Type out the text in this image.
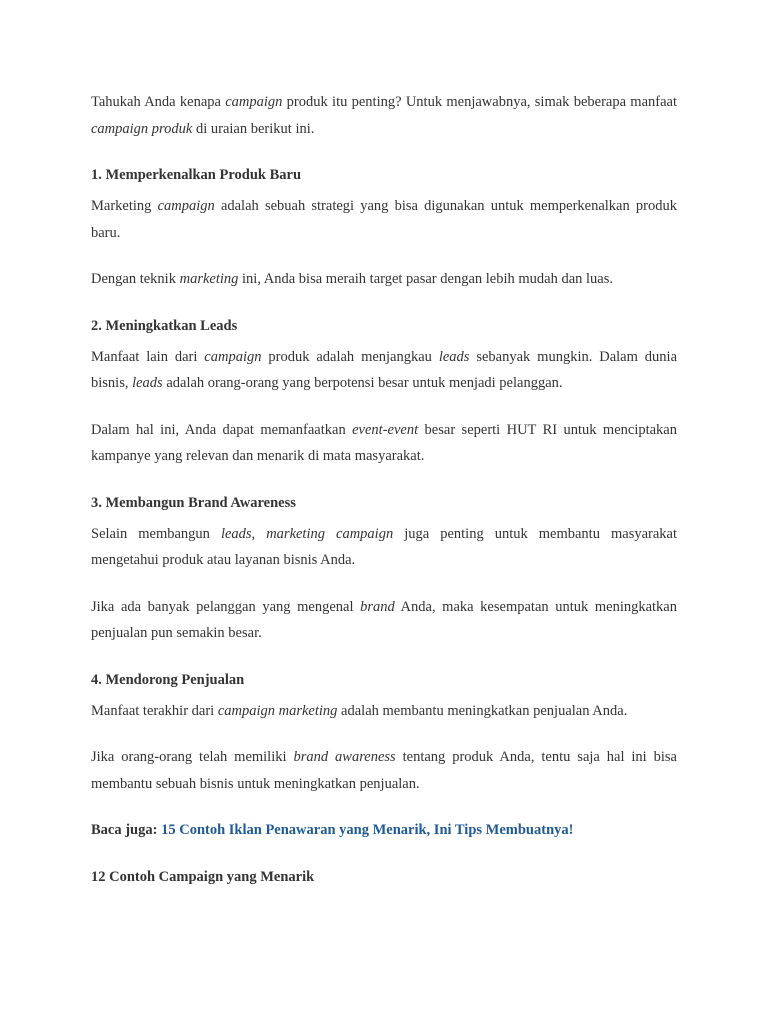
Tahukah Anda kenapa campaign produk itu penting? Untuk menjawabnya, simak beberapa manfaat campaign produk di uraian berikut ini.

1. Memperkenalkan Produk Baru

Marketing campaign adalah sebuah strategi yang bisa digunakan untuk memperkenalkan produk baru.

Dengan teknik marketing ini, Anda bisa meraih target pasar dengan lebih mudah dan luas.

2. Meningkatkan Leads

Manfaat lain dari campaign produk adalah menjangkau leads sebanyak mungkin. Dalam dunia bisnis, leads adalah orang-orang yang berpotensi besar untuk menjadi pelanggan.

Dalam hal ini, Anda dapat memanfaatkan event-event besar seperti HUT RI untuk menciptakan kampanye yang relevan dan menarik di mata masyarakat.

3. Membangun Brand Awareness

Selain membangun leads, marketing campaign juga penting untuk membantu masyarakat mengetahui produk atau layanan bisnis Anda.

Jika ada banyak pelanggan yang mengenal brand Anda, maka kesempatan untuk meningkatkan penjualan pun semakin besar.

4. Mendorong Penjualan

Manfaat terakhir dari campaign marketing adalah membantu meningkatkan penjualan Anda.

Jika orang-orang telah memiliki brand awareness tentang produk Anda, tentu saja hal ini bisa membantu sebuah bisnis untuk meningkatkan penjualan.

Baca juga: 15 Contoh Iklan Penawaran yang Menarik, Ini Tips Membuatnya!

12 Contoh Campaign yang Menarik
